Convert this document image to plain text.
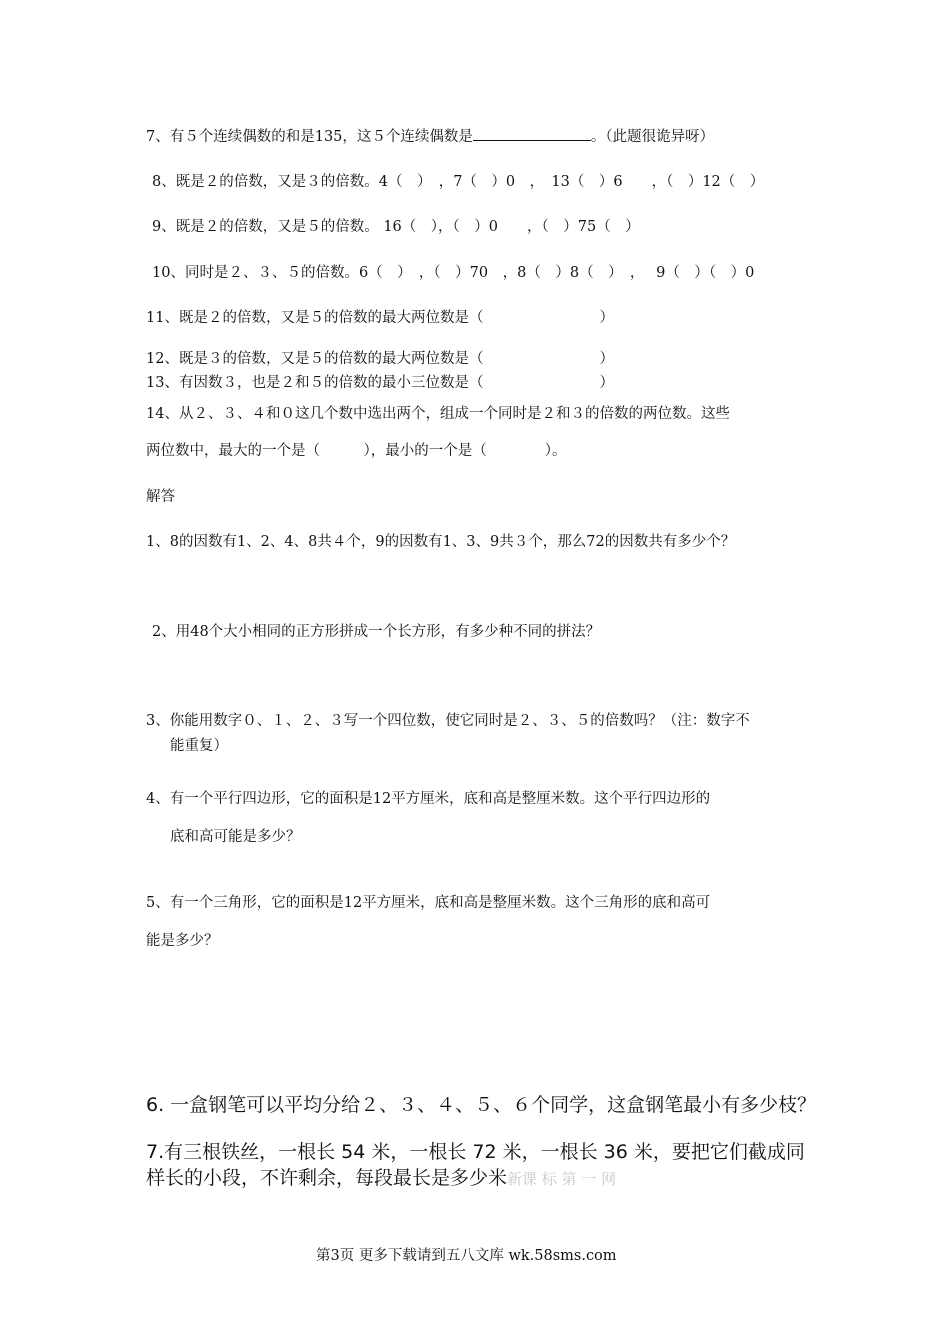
7、有５个连续偶数的和是135，这５个连续偶数是	。（此题很诡异呀）
8、既是２的倍数，又是３的倍数。4（　）　，7（　）0　，　13（　）6　　，（　）12（　）
9、既是２的倍数，又是５的倍数。 16（　），（　）0　　，（　）75（　）
10、同时是２、３、５的倍数。6（　）　，（　）70　，8（　）8（　）　，　 9（　）（　）0
11、既是２的倍数，又是５的倍数的最大两位数是（　　　　　　　　）
12、既是３的倍数，又是５的倍数的最大两位数是（　　　　　　　　）
13、有因数３，也是２和５的倍数的最小三位数是（　　　　　　　　）
14、从２、３、４和０这几个数中选出两个，组成一个同时是２和３的倍数的两位数。这些
两位数中，最大的一个是（　　　），最小的一个是（　　　　）。
解答
1、8的因数有1、2、4、8共４个，9的因数有1、3、9共３个，那么72的因数共有多少个？
2、用48个大小相同的正方形拼成一个长方形，有多少种不同的拼法？
3、你能用数字０、１、２、３写一个四位数，使它同时是２、３、５的倍数吗？（注：数字不
能重复）
4、有一个平行四边形，它的面积是12平方厘米，底和高是整厘米数。这个平行四边形的
底和高可能是多少？
5、有一个三角形，它的面积是12平方厘米，底和高是整厘米数。这个三角形的底和高可
能是多少？
6. 一盒钢笔可以平均分给２、３、４、５、６个同学，这盒钢笔最小有多少枝？
7.有三根铁丝，一根长 54 米，一根长 72 米，一根长 36 米，要把它们截成同
样长的小段，不许剩余，每段最长是多少米新课 标 第 一 网
第3页 更多下载请到五八文库 wk.58sms.com
